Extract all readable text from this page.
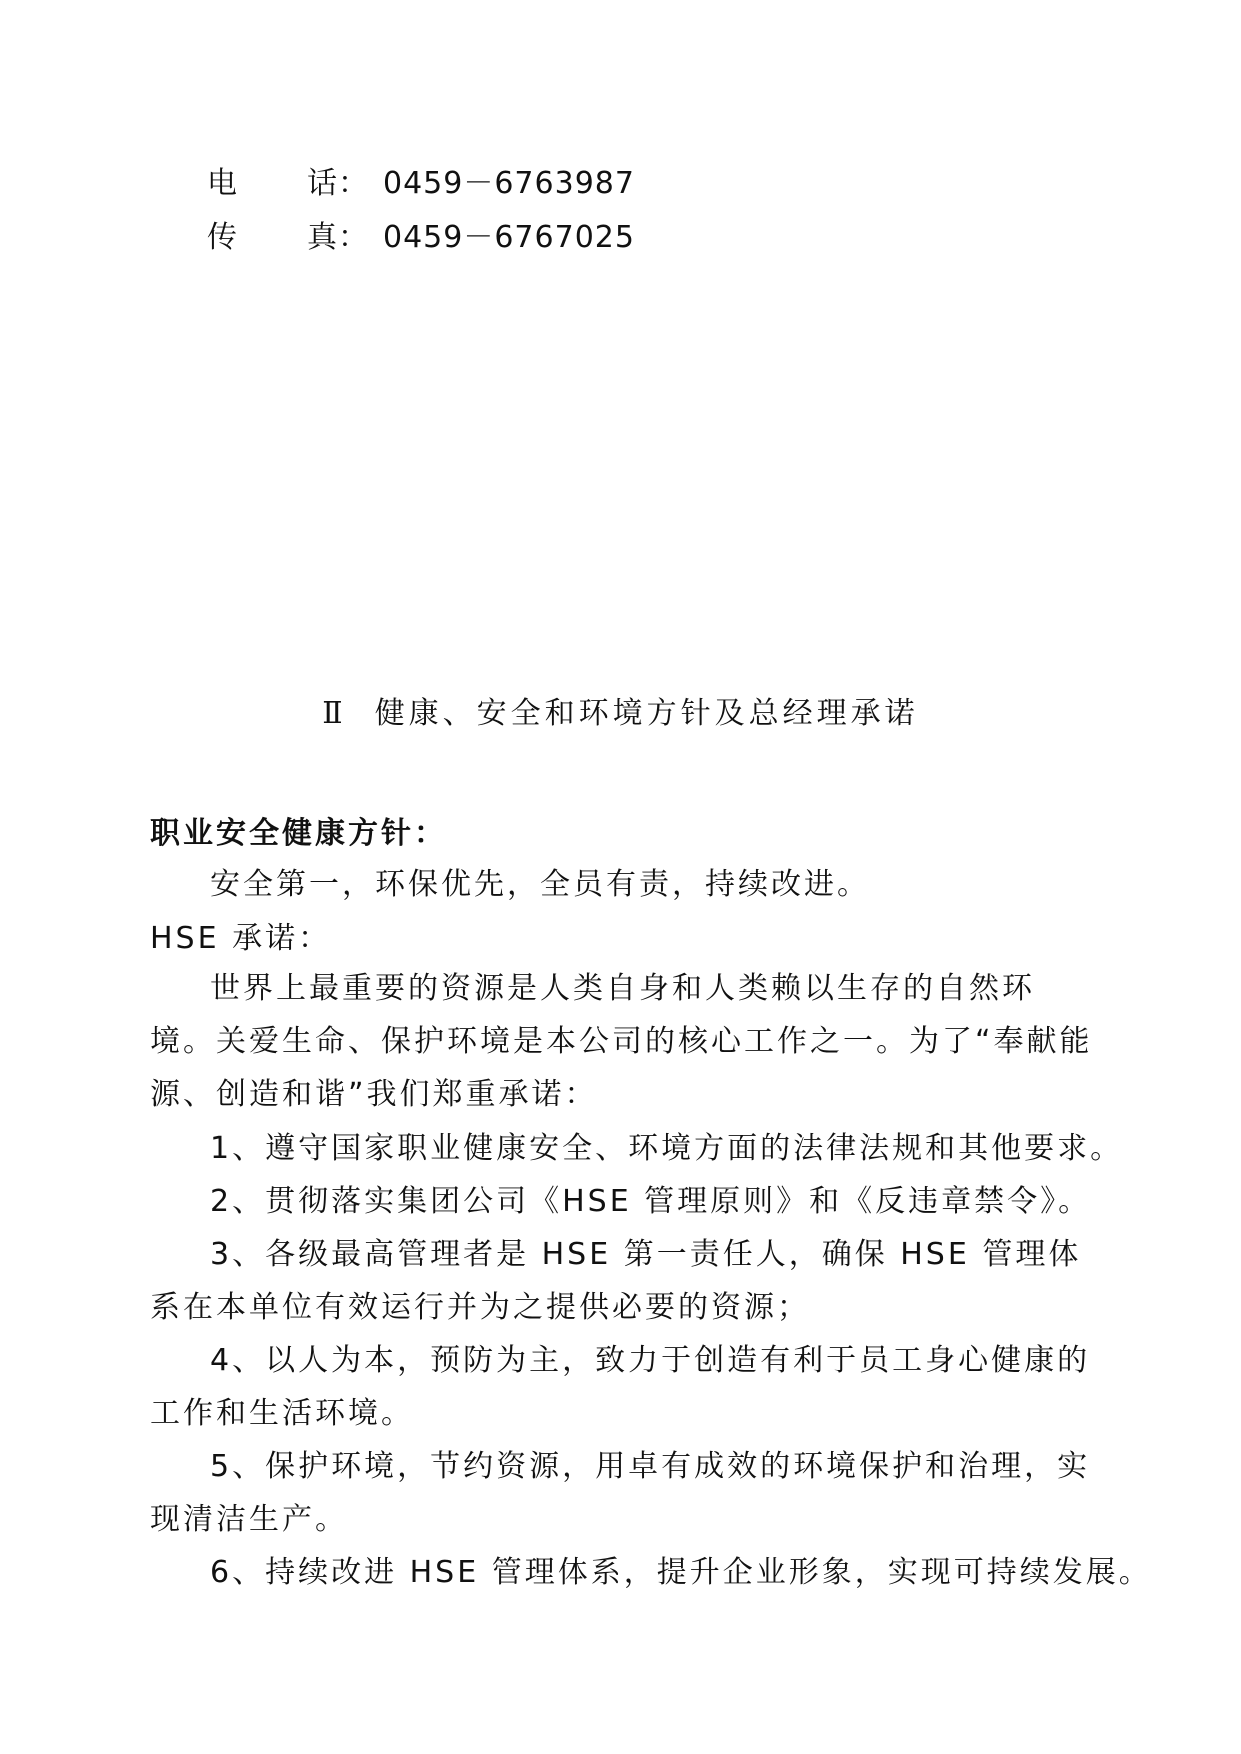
电 话： 0459－6763987
传 真： 0459－6767025
Ⅱ 健康、安全和环境方针及总经理承诺
职业安全健康方针：

安全第一，环保优先，全员有责，持续改进。

HSE 承诺：

世界上最重要的资源是人类自身和人类赖以生存的自然环境。关爱生命、保护环境是本公司的核心工作之一。为了“奉献能源、创造和谐”我们郑重承诺：

1、遵守国家职业健康安全、环境方面的法律法规和其他要求。

2、贯彻落实集团公司《HSE 管理原则》和《反违章禁令》。

3、各级最高管理者是 HSE 第一责任人，确保 HSE 管理体系在本单位有效运行并为之提供必要的资源；

4、以人为本，预防为主，致力于创造有利于员工身心健康的工作和生活环境。

5、保护环境，节约资源，用卓有成效的环境保护和治理，实现清洁生产。

6、持续改进 HSE 管理体系，提升企业形象，实现可持续发展。
